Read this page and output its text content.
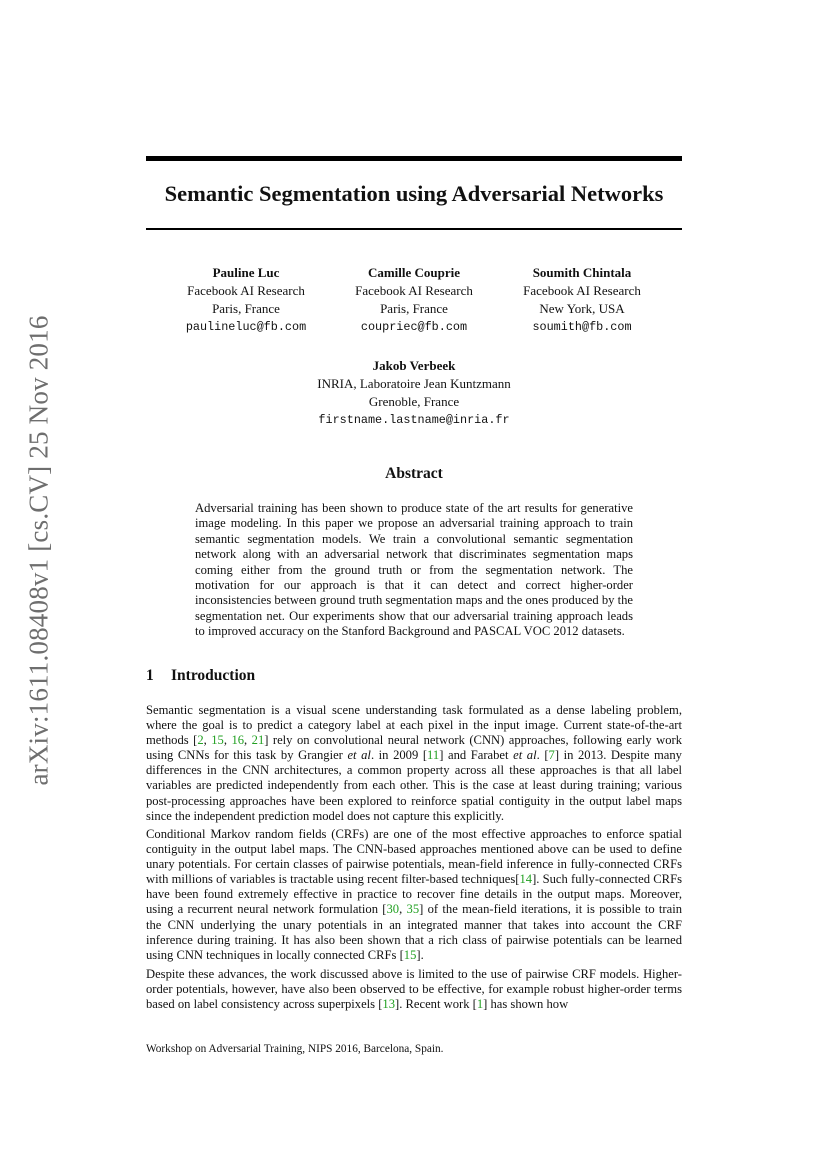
arXiv:1611.08408v1 [cs.CV] 25 Nov 2016
Semantic Segmentation using Adversarial Networks
Pauline Luc
Facebook AI Research
Paris, France
paulineluc@fb.com
Camille Couprie
Facebook AI Research
Paris, France
coupriec@fb.com
Soumith Chintala
Facebook AI Research
New York, USA
soumith@fb.com
Jakob Verbeek
INRIA, Laboratoire Jean Kuntzmann
Grenoble, France
firstname.lastname@inria.fr
Abstract
Adversarial training has been shown to produce state of the art results for generative image modeling. In this paper we propose an adversarial training approach to train semantic segmentation models. We train a convolutional semantic segmentation network along with an adversarial network that discriminates segmentation maps coming either from the ground truth or from the segmentation network. The motivation for our approach is that it can detect and correct higher-order inconsistencies between ground truth segmentation maps and the ones produced by the segmentation net. Our experiments show that our adversarial training approach leads to improved accuracy on the Stanford Background and PASCAL VOC 2012 datasets.
1 Introduction

Semantic segmentation is a visual scene understanding task formulated as a dense labeling problem, where the goal is to predict a category label at each pixel in the input image. Current state-of-the-art methods [2, 15, 16, 21] rely on convolutional neural network (CNN) approaches, following early work using CNNs for this task by Grangier et al. in 2009 [11] and Farabet et al. [7] in 2013. Despite many differences in the CNN architectures, a common property across all these approaches is that all label variables are predicted independently from each other. This is the case at least during training; various post-processing approaches have been explored to reinforce spatial contiguity in the output label maps since the independent prediction model does not capture this explicitly.

Conditional Markov random fields (CRFs) are one of the most effective approaches to enforce spatial contiguity in the output label maps. The CNN-based approaches mentioned above can be used to define unary potentials. For certain classes of pairwise potentials, mean-field inference in fully-connected CRFs with millions of variables is tractable using recent filter-based techniques[14]. Such fully-connected CRFs have been found extremely effective in practice to recover fine details in the output maps. Moreover, using a recurrent neural network formulation [30, 35] of the mean-field iterations, it is possible to train the CNN underlying the unary potentials in an integrated manner that takes into account the CRF inference during training. It has also been shown that a rich class of pairwise potentials can be learned using CNN techniques in locally connected CRFs [15].

Despite these advances, the work discussed above is limited to the use of pairwise CRF models. Higher-order potentials, however, have also been observed to be effective, for example robust higher-order terms based on label consistency across superpixels [13]. Recent work [1] has shown how

Workshop on Adversarial Training, NIPS 2016, Barcelona, Spain.
